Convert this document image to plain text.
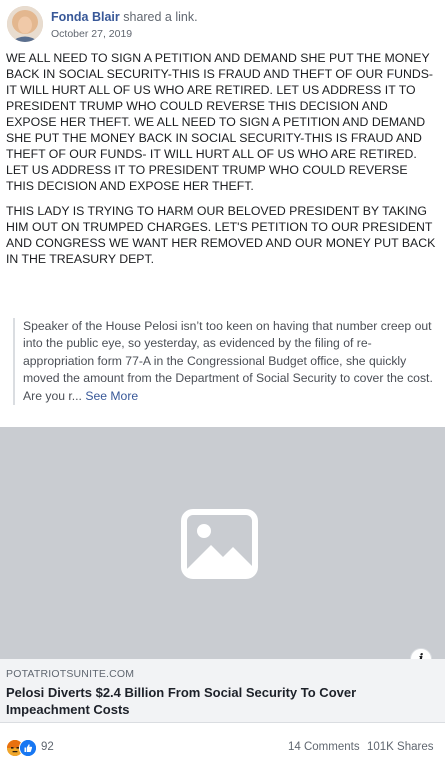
Fonda Blair shared a link.
October 27, 2019

WE ALL NEED TO SIGN A PETITION AND DEMAND SHE PUT THE MONEY BACK IN SOCIAL SECURITY-THIS IS FRAUD AND THEFT OF OUR FUNDS- IT WILL HURT ALL OF US WHO ARE RETIRED. LET US ADDRESS IT TO PRESIDENT TRUMP WHO COULD REVERSE THIS DECISION AND EXPOSE HER THEFT. WE ALL NEED TO SIGN A PETITION AND DEMAND SHE PUT THE MONEY BACK IN SOCIAL SECURITY-THIS IS FRAUD AND THEFT OF OUR FUNDS- IT WILL HURT ALL OF US WHO ARE RETIRED. LET US ADDRESS IT TO PRESIDENT TRUMP WHO COULD REVERSE THIS DECISION AND EXPOSE HER THEFT.

THIS LADY IS TRYING TO HARM OUR BELOVED PRESIDENT BY TAKING HIM OUT ON TRUMPED CHARGES. LET'S PETITION TO OUR PRESIDENT AND CONGRESS WE WANT HER REMOVED AND OUR MONEY PUT BACK IN THE TREASURY DEPT.

Speaker of the House Pelosi isn’t too keen on having that number creep out into the public eye, so yesterday, as evidenced by the filing of re-appropriation form 77-A in the Congressional Budget office, she quickly moved the amount from the Department of Social Security to cover the cost. Are you r... See More
POTATRIOTSUNITE.COM
Pelosi Diverts $2.4 Billion From Social Security To Cover Impeachment Costs
92	14 Comments 101K Shares
